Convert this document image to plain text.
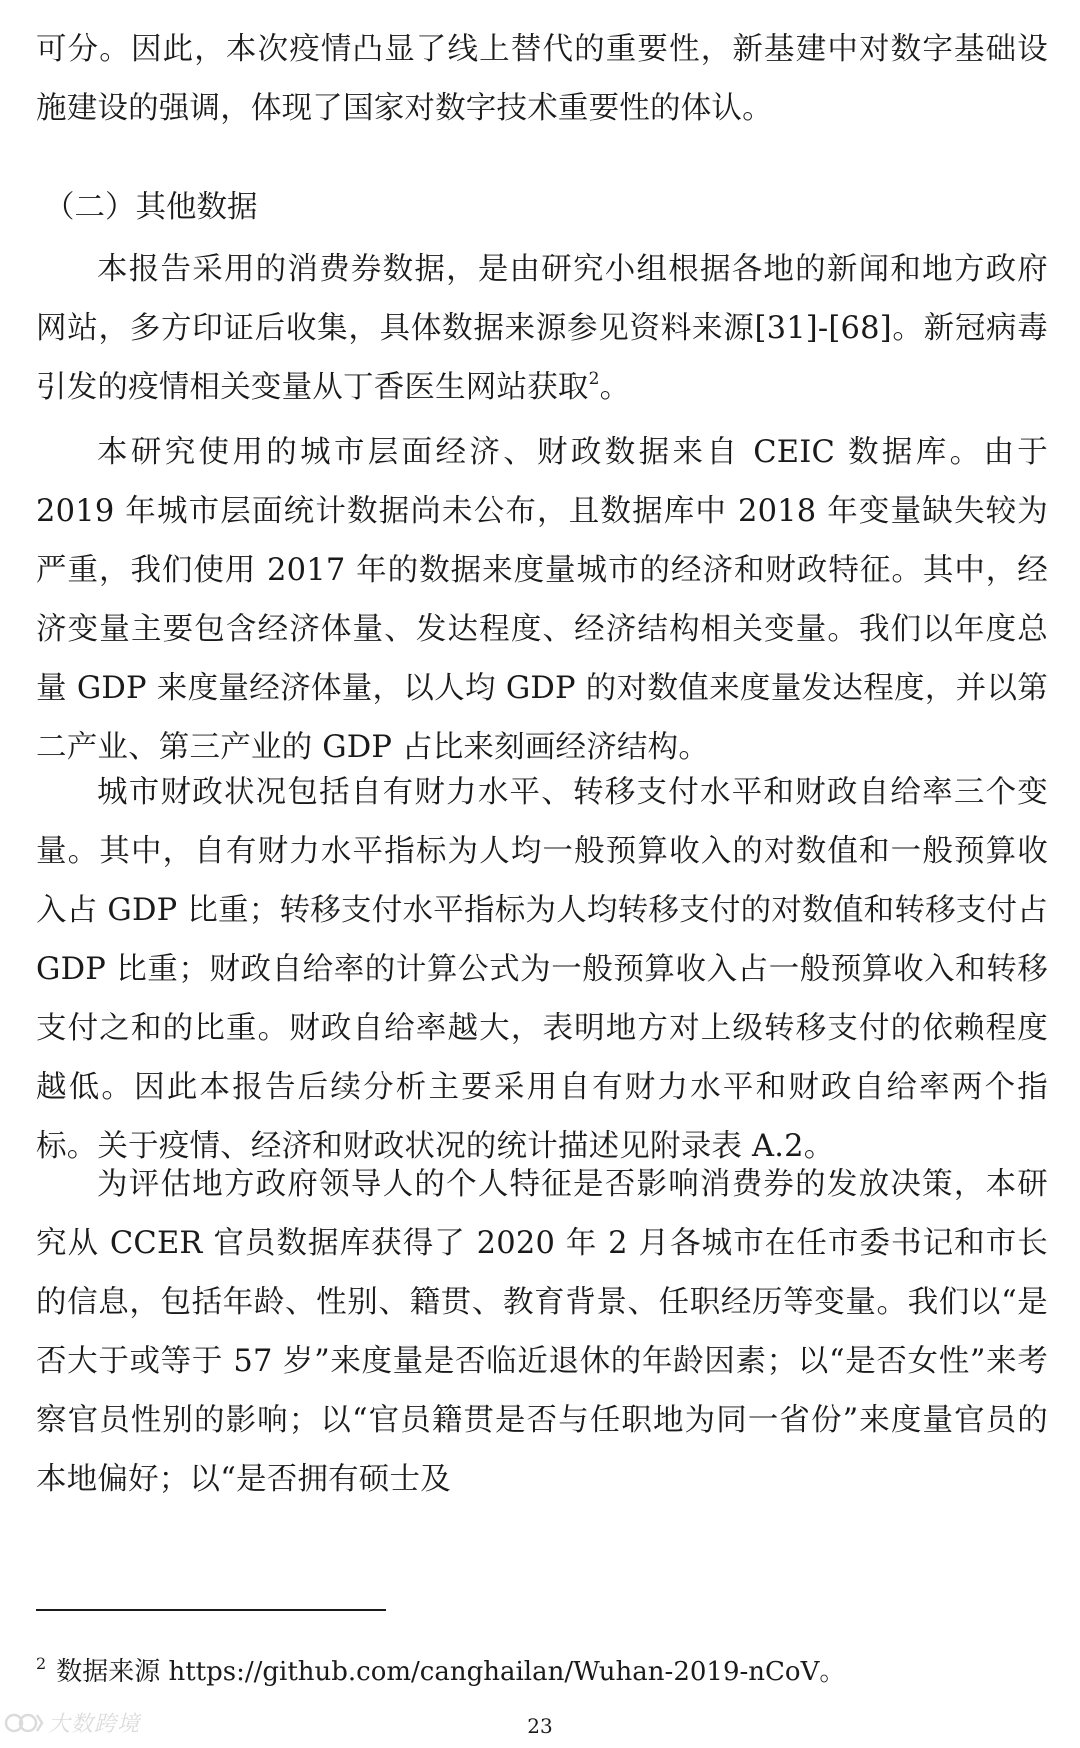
可分。因此，本次疫情凸显了线上替代的重要性，新基建中对数字基础设施建设的强调，体现了国家对数字技术重要性的体认。

（二）其他数据

本报告采用的消费券数据，是由研究小组根据各地的新闻和地方政府网站，多方印证后收集，具体数据来源参见资料来源[31]-[68]。新冠病毒引发的疫情相关变量从丁香医生网站获取$^2$。

本研究使用的城市层面经济、财政数据来自 CEIC 数据库。由于 2019 年城市层面统计数据尚未公布，且数据库中 2018 年变量缺失较为严重，我们使用 2017 年的数据来度量城市的经济和财政特征。其中，经济变量主要包含经济体量、发达程度、经济结构相关变量。我们以年度总量 GDP 来度量经济体量，以人均 GDP 的对数值来度量发达程度，并以第二产业、第三产业的 GDP 占比来刻画经济结构。

城市财政状况包括自有财力水平、转移支付水平和财政自给率三个变量。其中，自有财力水平指标为人均一般预算收入的对数值和一般预算收入占 GDP 比重；转移支付水平指标为人均转移支付的对数值和转移支付占 GDP 比重；财政自给率的计算公式为一般预算收入占一般预算收入和转移支付之和的比重。财政自给率越大，表明地方对上级转移支付的依赖程度越低。因此本报告后续分析主要采用自有财力水平和财政自给率两个指标。关于疫情、经济和财政状况的统计描述见附录表 A.2。

为评估地方政府领导人的个人特征是否影响消费券的发放决策，本研究从 CCER 官员数据库获得了 2020 年 2 月各城市在任市委书记和市长的信息，包括年龄、性别、籍贯、教育背景、任职经历等变量。我们以“是否大于或等于 57 岁”来度量是否临近退休的年龄因素；以“是否女性”来考察官员性别的影响；以“官员籍贯是否与任职地为同一省份”来度量官员的本地偏好；以“是否拥有硕士及

$^2$ 数据来源 https://github.com/canghailan/Wuhan-2019-nCoV。
23
大数跨境
